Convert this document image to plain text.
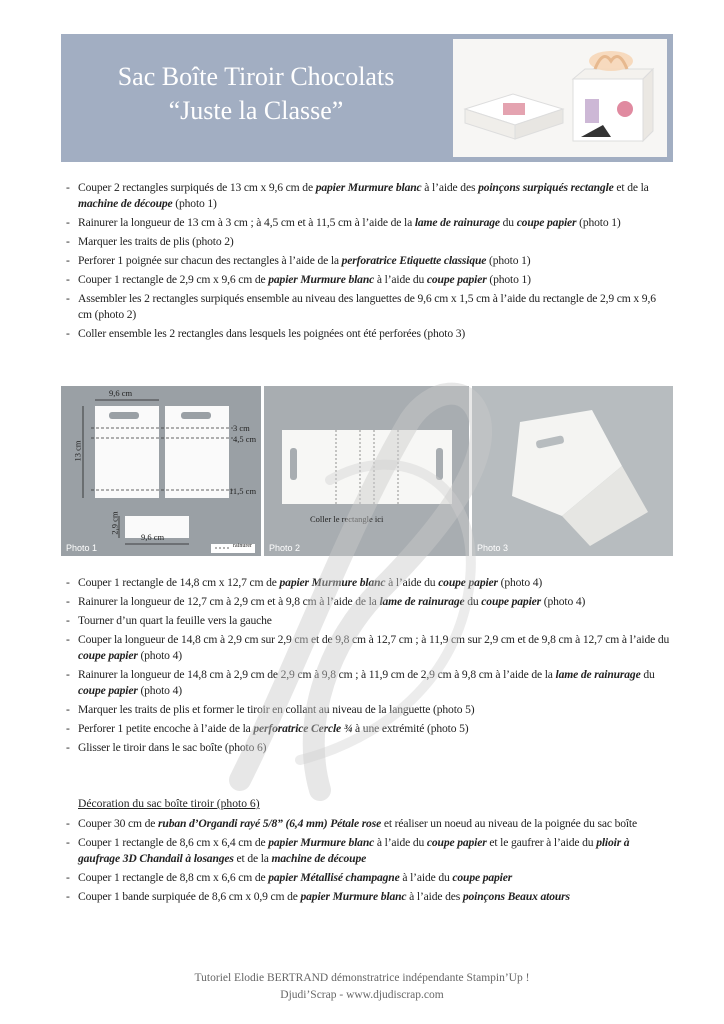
Sac Boîte Tiroir Chocolats
“Juste la Classe”
- Couper 2 rectangles surpiqués de 13 cm x 9,6 cm de papier Murmure blanc à l’aide des poinçons surpiqués rectangle et de la machine de découpe (photo 1)
- Rainurer la longueur de 13 cm à 3 cm ; à 4,5 cm et à 11,5 cm à l’aide de la lame de rainurage du coupe papier (photo 1)
- Marquer les traits de plis (photo 2)
- Perforer 1 poignée sur chacun des rectangles à l’aide de la perforatrice Etiquette classique (photo 1)
- Couper 1 rectangle de 2,9 cm x 9,6 cm de papier Murmure blanc à l’aide du coupe papier (photo 1)
- Assembler les 2 rectangles surpiqués ensemble au niveau des languettes de 9,6 cm x 1,5 cm à l’aide du rectangle de 2,9 cm x 9,6 cm (photo 2)
- Coller ensemble les 2 rectangles dans lesquels les poignées ont été perforées (photo 3)
9,6 cm
13 cm
3 cm
4,5 cm
11,5 cm
2,9 cm
9,6 cm
rainurer
Photo 1
Coller le rectangle ici
Photo 2	Photo 3
- Couper 1 rectangle de 14,8 cm x 12,7 cm de papier Murmure blanc à l’aide du coupe papier (photo 4)
- Rainurer la longueur de 12,7 cm à 2,9 cm et à 9,8 cm à l’aide de la lame de rainurage du coupe papier (photo 4)
- Tourner d’un quart la feuille vers la gauche
- Couper la longueur de 14,8 cm à 2,9 cm sur 2,9 cm et de 9,8 cm à 12,7 cm ; à 11,9 cm sur 2,9 cm et de 9,8 cm à 12,7 cm à l’aide du coupe papier (photo 4)
- Rainurer la longueur de 14,8 cm à 2,9 cm de 2,9 cm à 9,8 cm ; à 11,9 cm de 2,9 cm à 9,8 cm à l’aide de la lame de rainurage du coupe papier (photo 4)
- Marquer les traits de plis et former le tiroir en collant au niveau de la languette (photo 5)
- Perforer 1 petite encoche à l’aide de la perforatrice Cercle ¾ à une extrémité (photo 5)
- Glisser le tiroir dans le sac boîte (photo 6)
Décoration du sac boîte tiroir (photo 6)
- Couper 30 cm de ruban d’Organdi rayé 5/8” (6,4 mm) Pétale rose et réaliser un noeud au niveau de la poignée du sac boîte
- Couper 1 rectangle de 8,6 cm x 6,4 cm de papier Murmure blanc à l’aide du coupe papier et le gaufrer à l’aide du plioir à gaufrage 3D Chandail à losanges et de la machine de découpe
- Couper 1 rectangle de 8,8 cm x 6,6 cm de papier Métallisé champagne à l’aide du coupe papier
- Couper 1 bande surpiquée de 8,6 cm x 0,9 cm de papier Murmure blanc à l’aide des poinçons Beaux atours
Tutoriel Elodie BERTRAND démonstratrice indépendante Stampin’Up !
Djudi’Scrap - www.djudiscrap.com
